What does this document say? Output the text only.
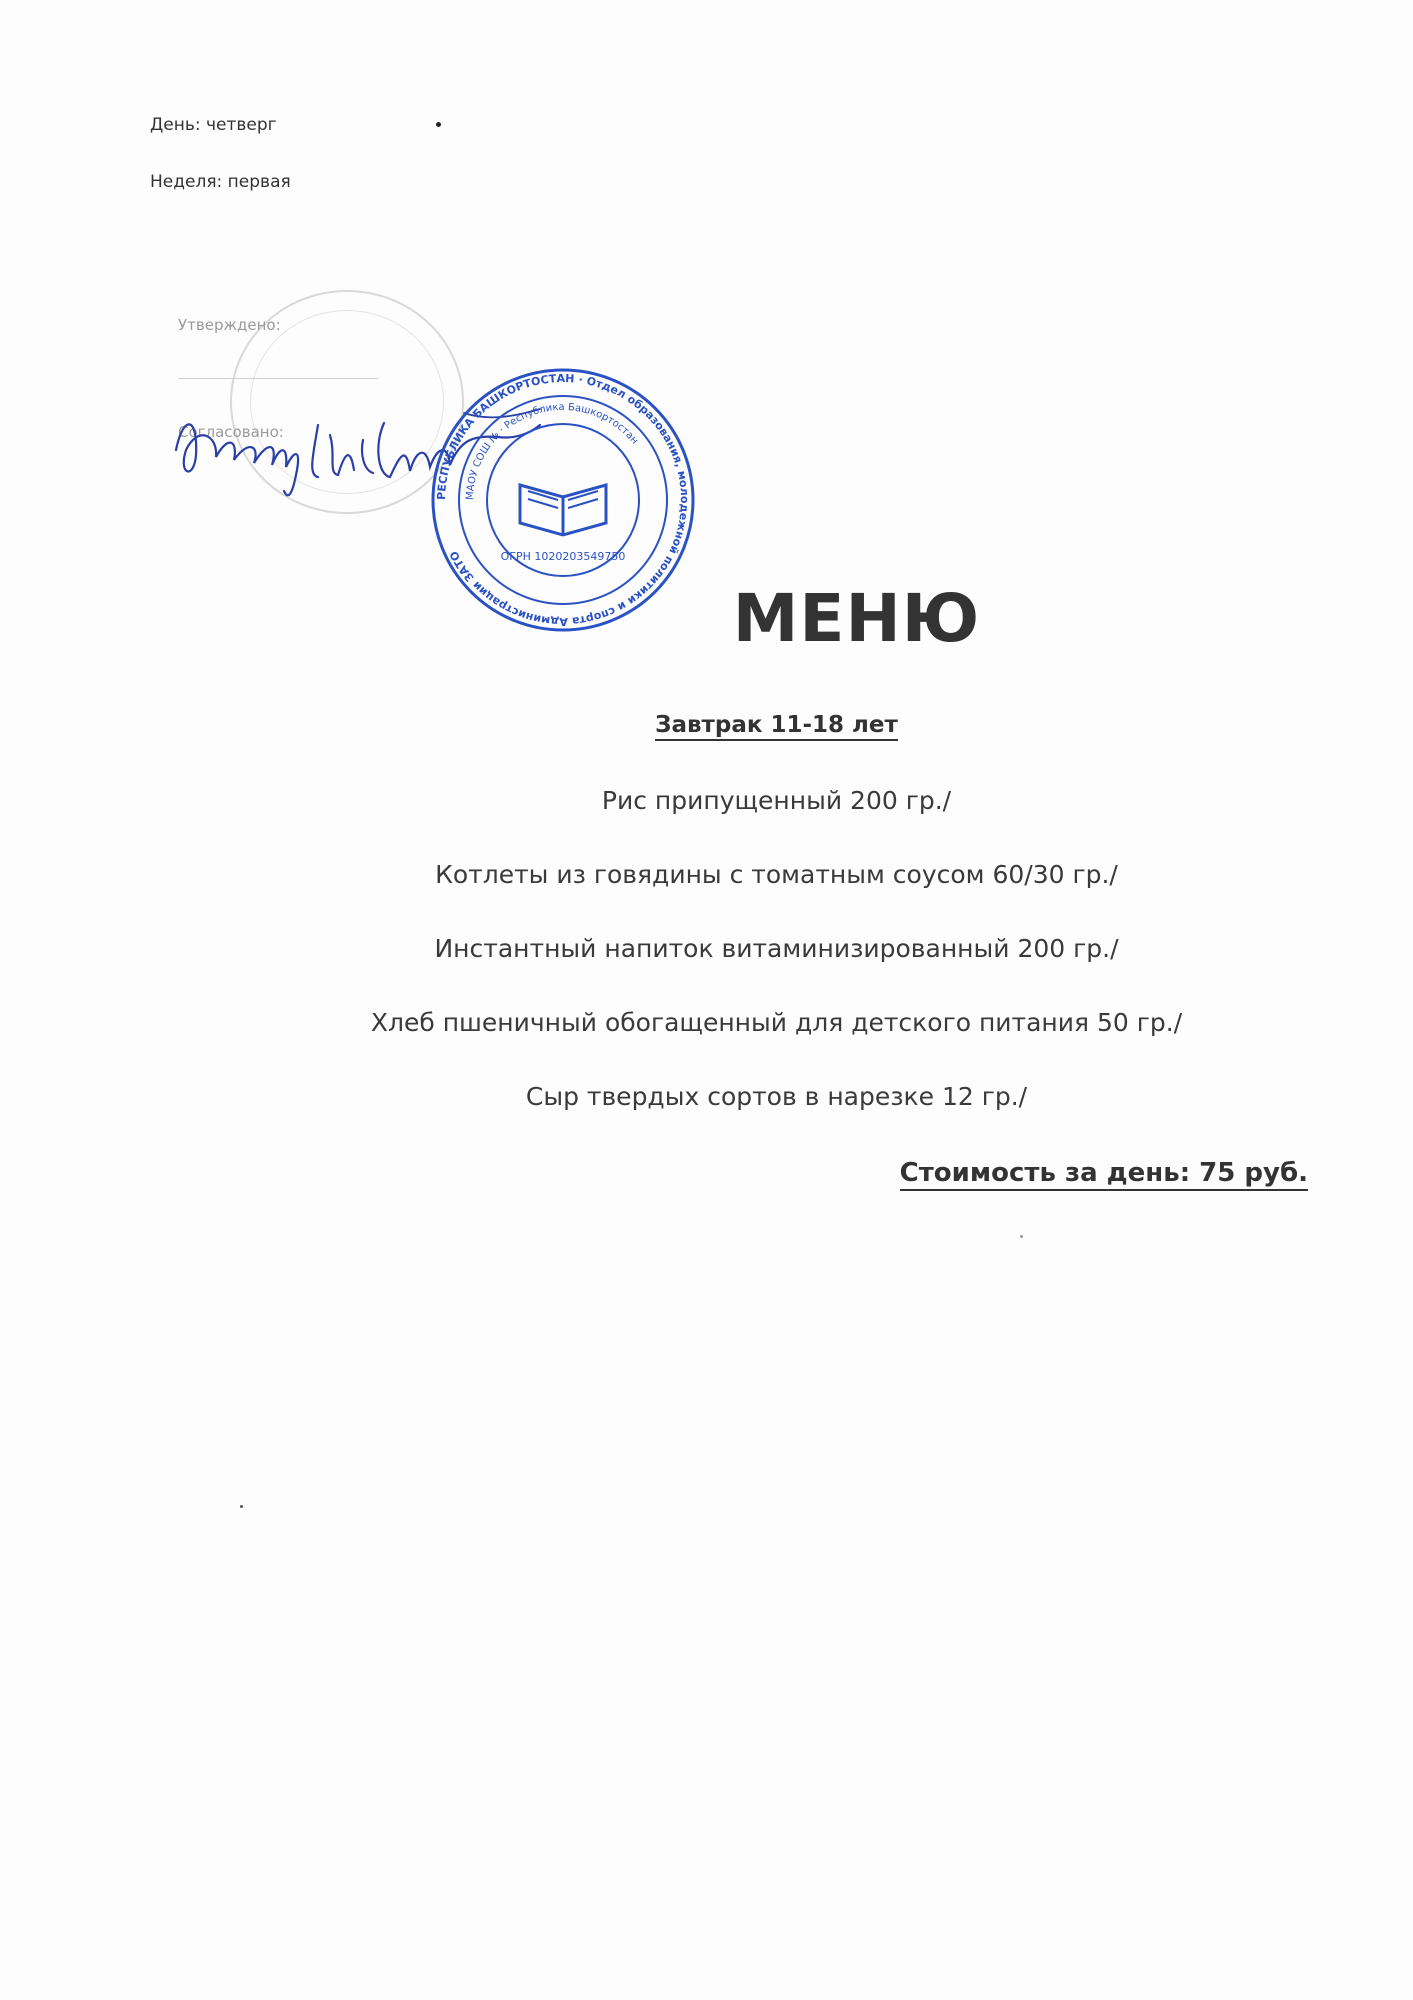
День: четверг
Неделя: первая
Утверждено:
Согласовано:
РЕСПУБЛИКА БАШКОРТОСТАН · Отдел образования, молодежной политики и спорта Администрации ЗАТО
МАОУ СОШ № · Республика Башкортостан
ОГРН 1020203549750
МЕНЮ
Завтрак 11-18 лет
Рис припущенный 200 гр./
Котлеты из говядины с томатным соусом 60/30 гр./
Инстантный напиток витаминизированный 200 гр./
Хлеб пшеничный обогащенный для детского питания 50 гр./
Сыр твердых сортов в нарезке 12 гр./
Стоимость за день: 75 руб.
